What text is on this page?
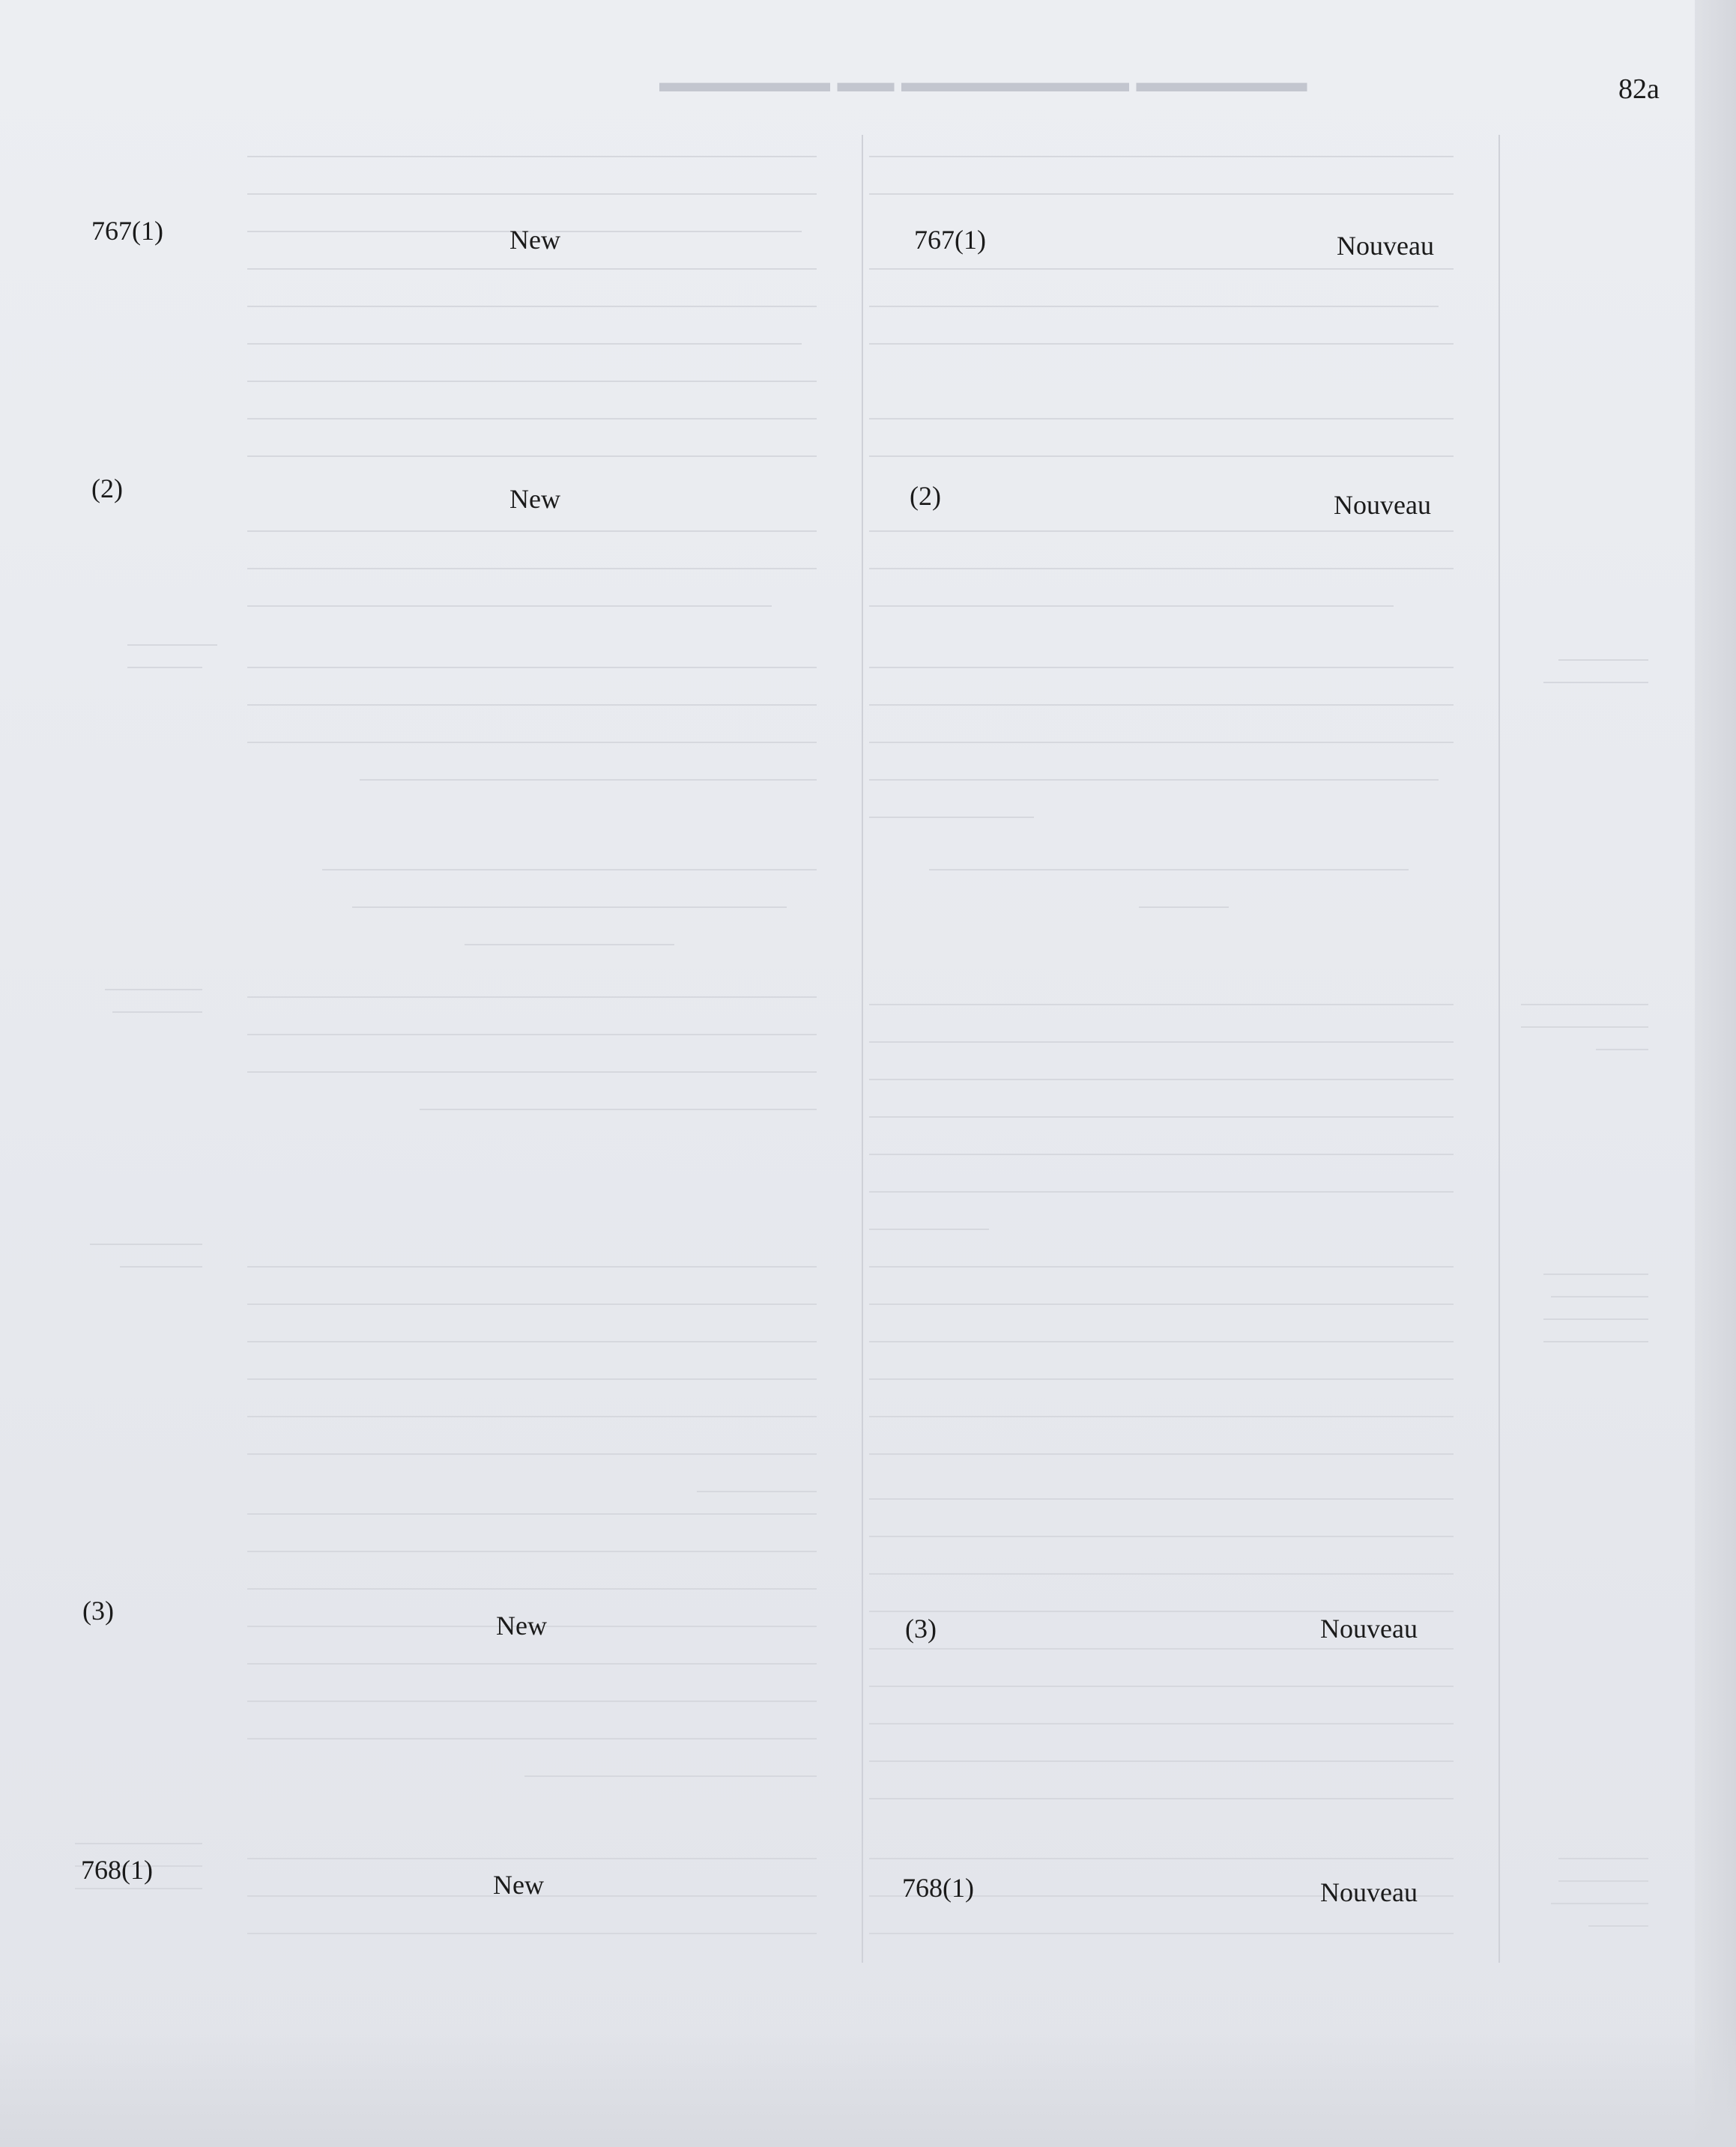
▬▬▬▬▬▬ ▬▬▬▬▬▬▬▬ ▬▬ ▬▬▬▬▬▬	82a
767(1)	New	767(1)	Nouveau
(2)	New	(2)	Nouveau
(3)	New	(3)	Nouveau
768(1)	New	768(1)	Nouveau
